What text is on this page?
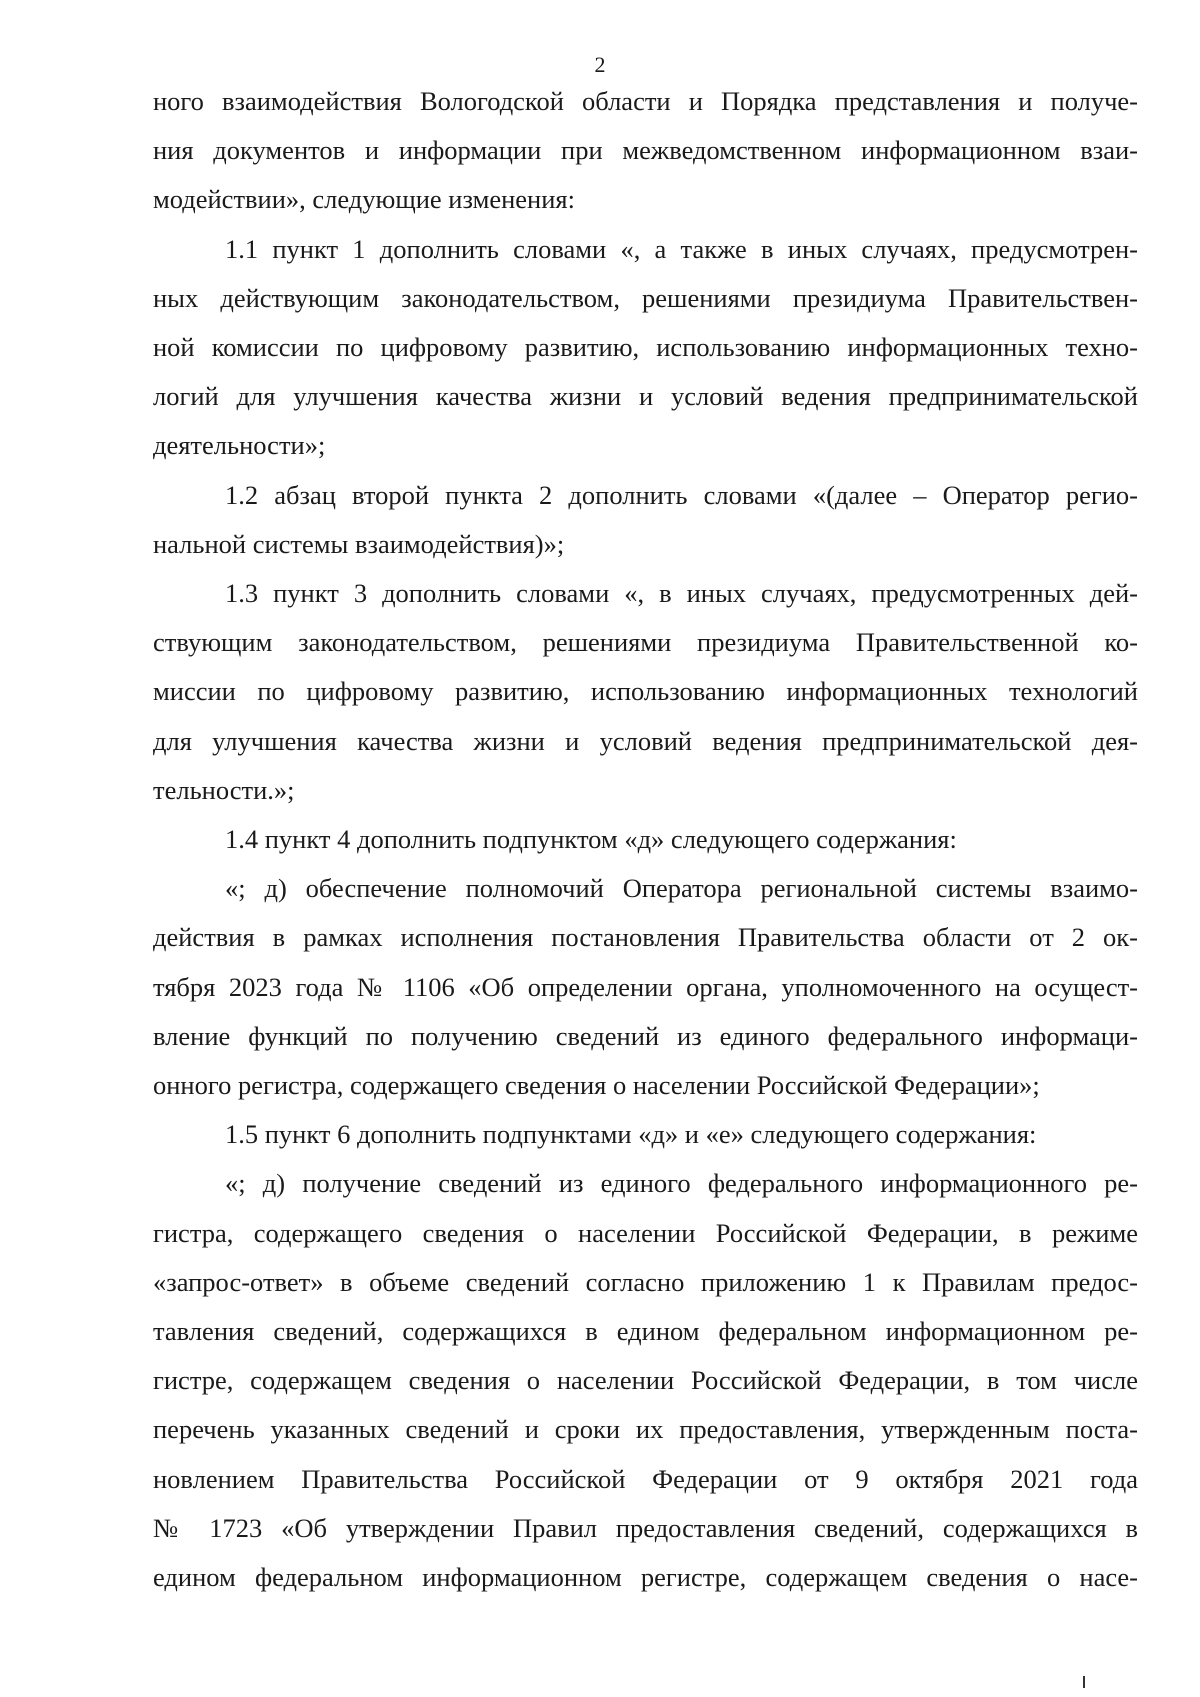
2
ного взаимодействия Вологодской области и Порядка представления и получе-
ния документов и информации при межведомственном информационном взаи-
модействии», следующие изменения:
1.1 пункт 1 дополнить словами «, а также в иных случаях, предусмотрен-
ных действующим законодательством, решениями президиума Правительствен-
ной комиссии по цифровому развитию, использованию информационных техно-
логий для улучшения качества жизни и условий ведения предпринимательской
деятельности»;
1.2 абзац второй пункта 2 дополнить словами «(далее – Оператор регио-
нальной системы взаимодействия)»;
1.3 пункт 3 дополнить словами «, в иных случаях, предусмотренных дей-
ствующим законодательством, решениями президиума Правительственной ко-
миссии по цифровому развитию, использованию информационных технологий
для улучшения качества жизни и условий ведения предпринимательской дея-
тельности.»;
1.4 пункт 4 дополнить подпунктом «д» следующего содержания:
«; д) обеспечение полномочий Оператора региональной системы взаимо-
действия в рамках исполнения постановления Правительства области от 2 ок-
тября 2023 года № 1106 «Об определении органа, уполномоченного на осущест-
вление функций по получению сведений из единого федерального информаци-
онного регистра, содержащего сведения о населении Российской Федерации»;
1.5 пункт 6 дополнить подпунктами «д» и «е» следующего содержания:
«; д) получение сведений из единого федерального информационного ре-
гистра, содержащего сведения о населении Российской Федерации, в режиме
«запрос-ответ» в объеме сведений согласно приложению 1 к Правилам предос-
тавления сведений, содержащихся в едином федеральном информационном ре-
гистре, содержащем сведения о населении Российской Федерации, в том числе
перечень указанных сведений и сроки их предоставления, утвержденным поста-
новлением Правительства Российской Федерации от 9 октября 2021 года
№ 1723 «Об утверждении Правил предоставления сведений, содержащихся в
едином федеральном информационном регистре, содержащем сведения о насе-
